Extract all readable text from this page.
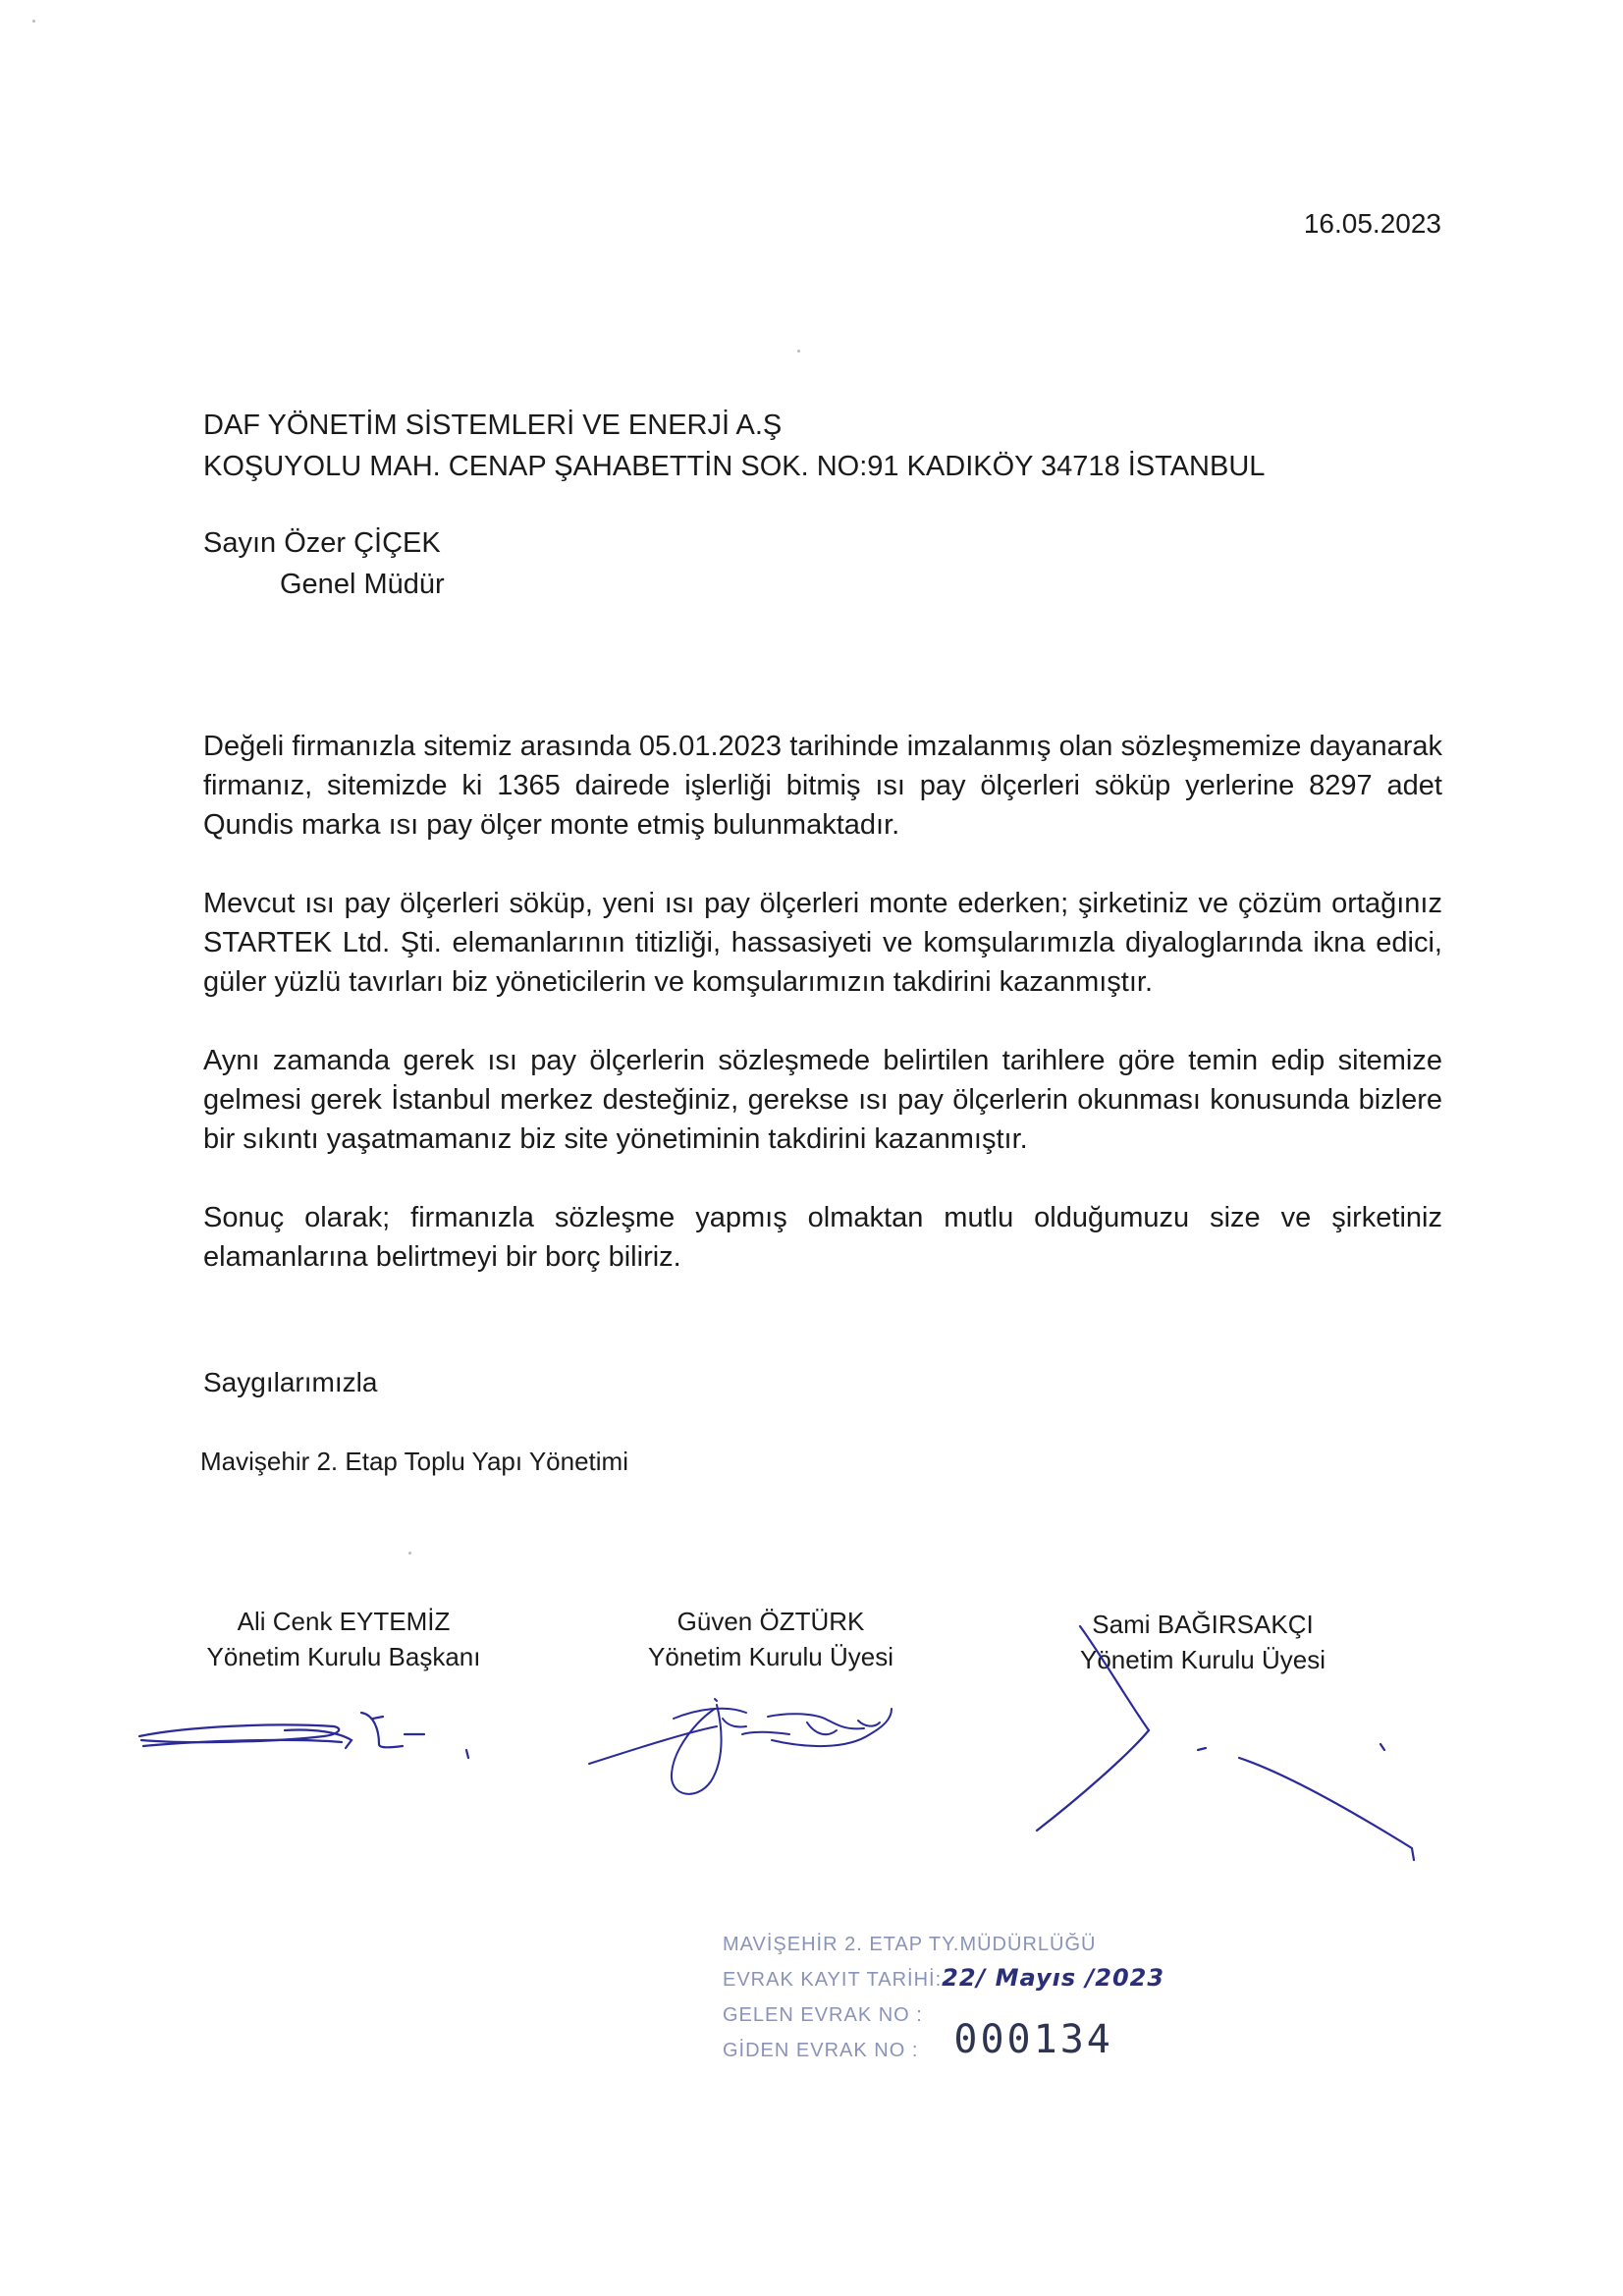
16.05.2023
DAF YÖNETİM SİSTEMLERİ VE ENERJİ A.Ş
KOŞUYOLU MAH. CENAP ŞAHABETTİN SOK. NO:91 KADIKÖY 34718 İSTANBUL
Sayın Özer ÇİÇEK
Genel Müdür

Değeli firmanızla sitemiz arasında 05.01.2023 tarihinde imzalanmış olan sözleşmemize dayanarak firmanız, sitemizde ki 1365 dairede işlerliği bitmiş ısı pay ölçerleri söküp yerlerine 8297 adet Qundis marka ısı pay ölçer monte etmiş bulunmaktadır.

Mevcut ısı pay ölçerleri söküp, yeni ısı pay ölçerleri monte ederken; şirketiniz ve çözüm ortağınız STARTEK Ltd. Şti. elemanlarının titizliği, hassasiyeti ve komşularımızla diyaloglarında ikna edici, güler yüzlü tavırları biz yöneticilerin ve komşularımızın takdirini kazanmıştır.

Aynı zamanda gerek ısı pay ölçerlerin sözleşmede belirtilen tarihlere göre temin edip sitemize gelmesi gerek İstanbul merkez desteğiniz, gerekse ısı pay ölçerlerin okunması konusunda bizlere bir sıkıntı yaşatmamanız biz site yönetiminin takdirini kazanmıştır.

Sonuç olarak; firmanızla sözleşme yapmış olmaktan mutlu olduğumuzu size ve şirketiniz elamanlarına belirtmeyi bir borç biliriz.

Saygılarımızla
Mavişehir 2. Etap Toplu Yapı Yönetimi
Ali Cenk EYTEMİZ
Yönetim Kurulu Başkanı
Güven ÖZTÜRK
Yönetim Kurulu Üyesi
Sami BAĞIRSAKÇI
Yönetim Kurulu Üyesi
MAVİŞEHİR 2. ETAP TY.MÜDÜRLÜĞÜ
EVRAK KAYIT TARİHİ: 22/ Mayıs /2023
GELEN EVRAK NO :
GİDEN EVRAK NO : 000134
